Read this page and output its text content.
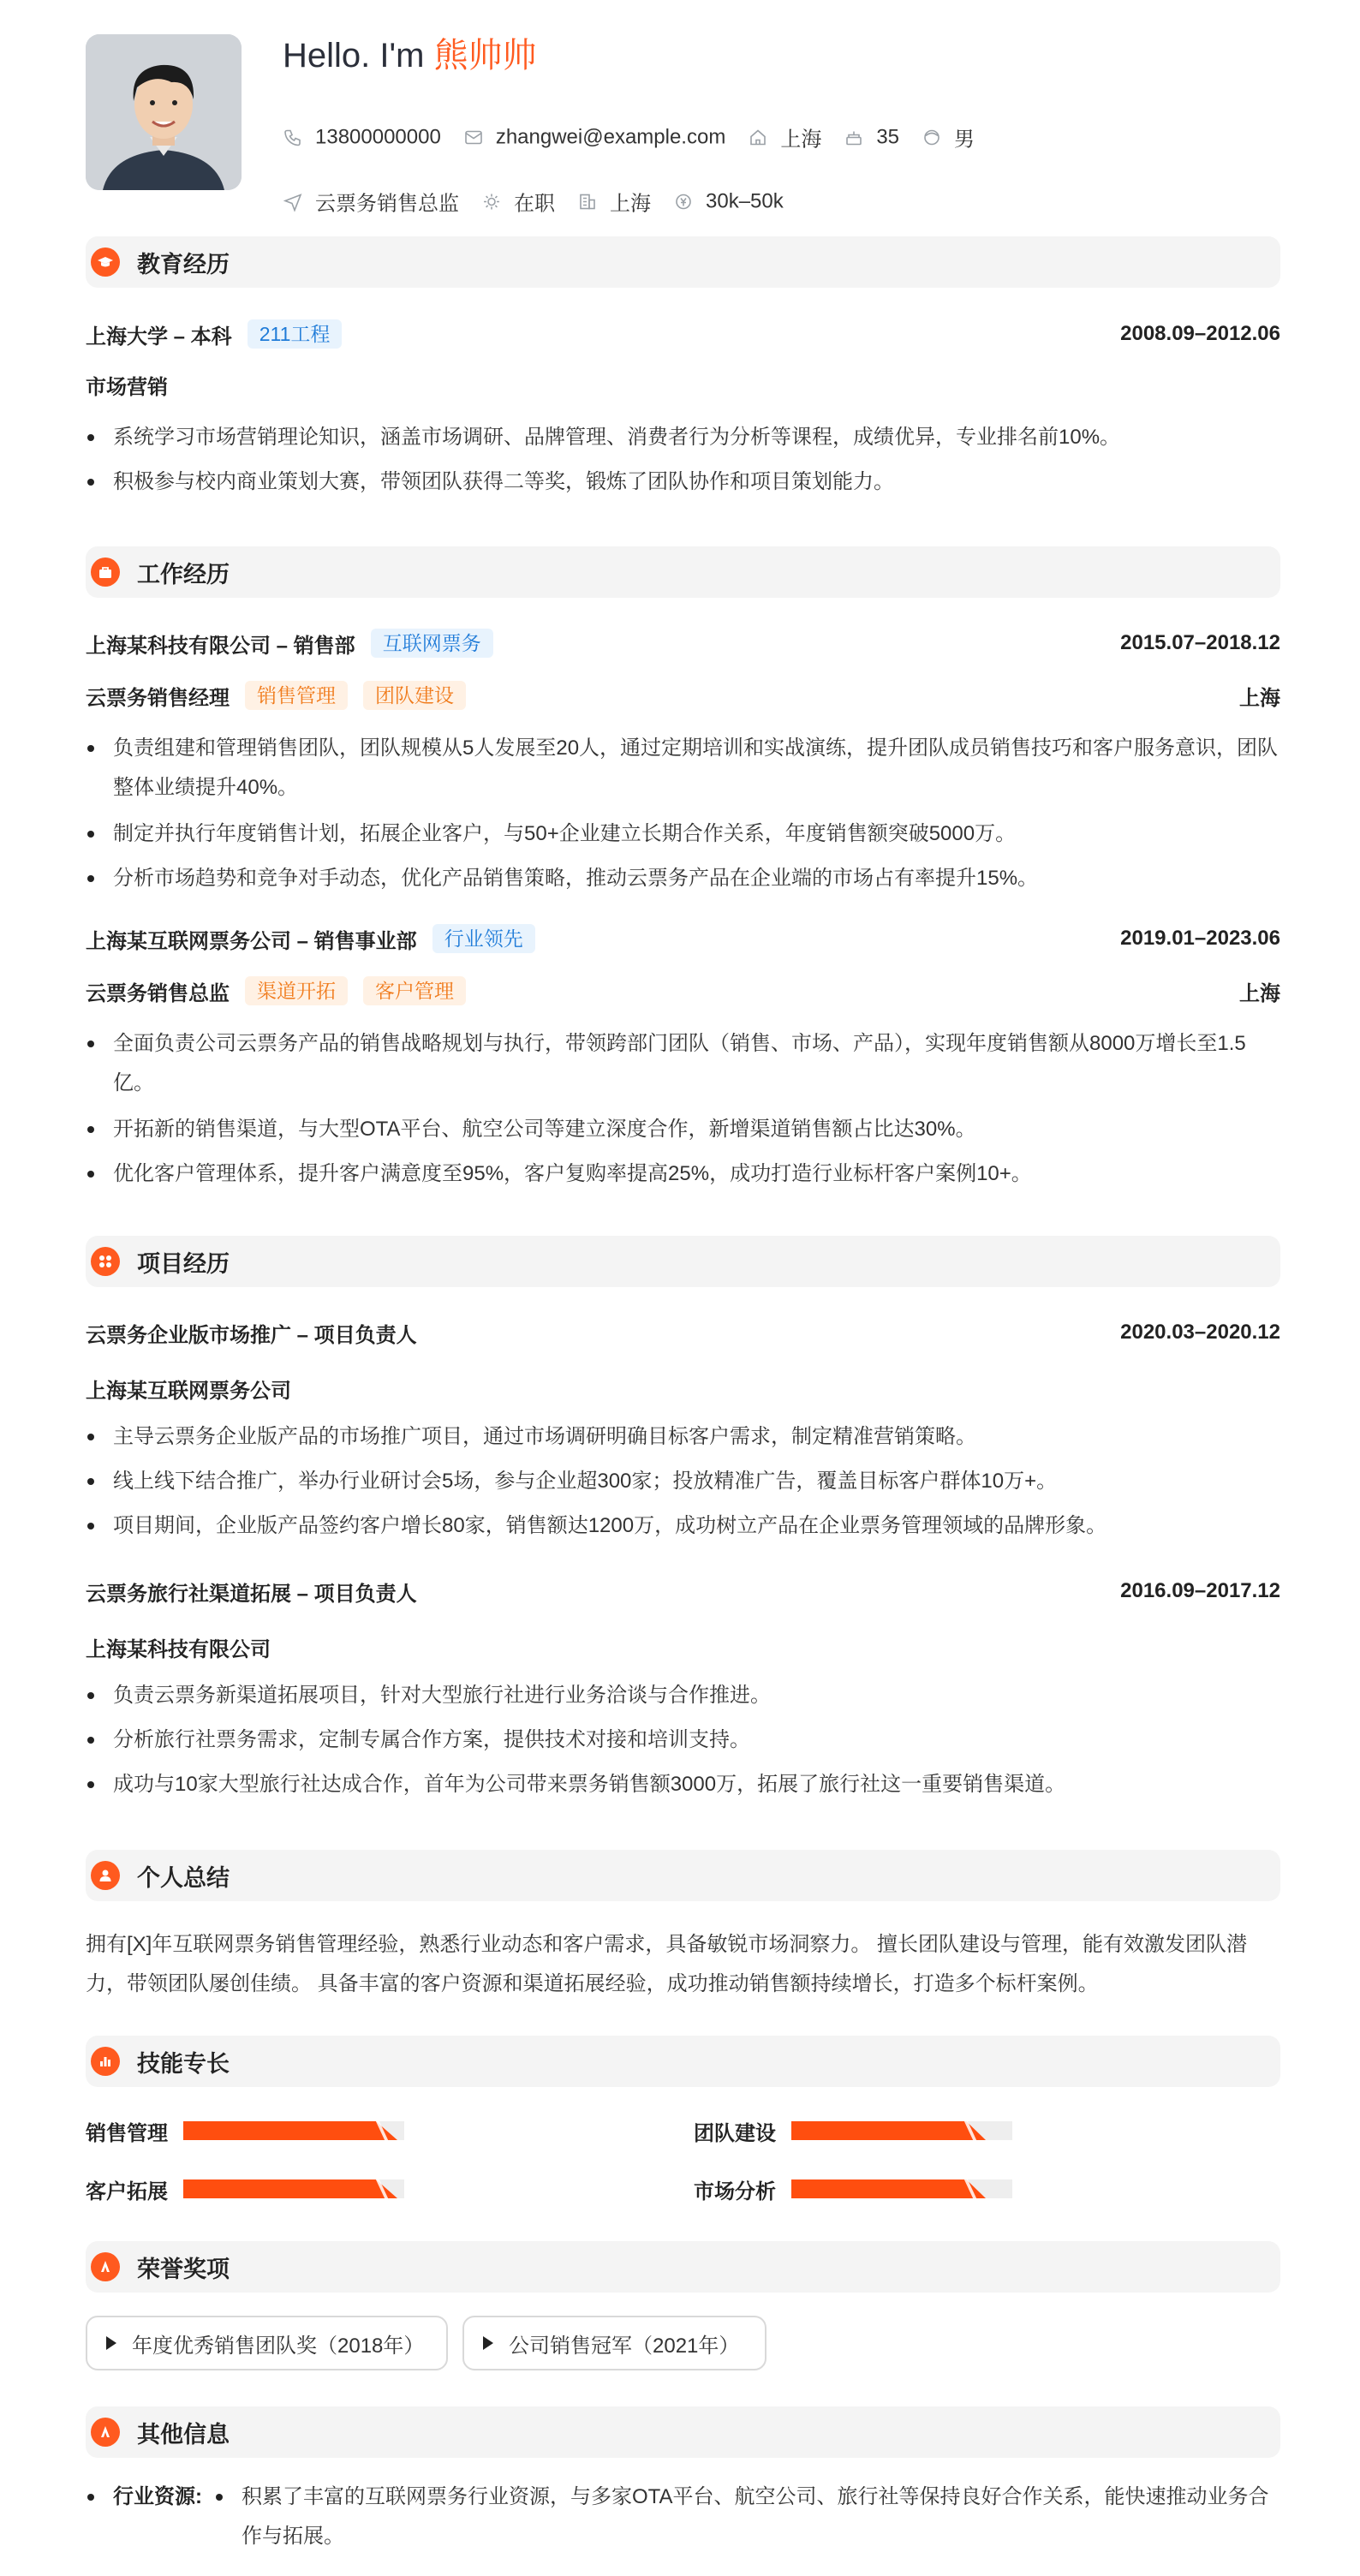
Hello. I'm 熊帅帅
13800000000	zhangwei@example.com	上海	35	男
云票务销售总监	在职	上海	30k–50k
教育经历
上海大学 – 本科	211工程	2008.09–2012.06
市场营销
系统学习市场营销理论知识，涵盖市场调研、品牌管理、消费者行为分析等课程，成绩优异，专业排名前10%。
积极参与校内商业策划大赛，带领团队获得二等奖，锻炼了团队协作和项目策划能力。
工作经历
上海某科技有限公司 – 销售部	互联网票务	2015.07–2018.12
云票务销售经理	销售管理	团队建设	上海
负责组建和管理销售团队，团队规模从5人发展至20人，通过定期培训和实战演练，提升团队成员销售技巧和客户服务意识，团队整体业绩提升40%。
制定并执行年度销售计划，拓展企业客户，与50+企业建立长期合作关系，年度销售额突破5000万。
分析市场趋势和竞争对手动态，优化产品销售策略，推动云票务产品在企业端的市场占有率提升15%。
上海某互联网票务公司 – 销售事业部	行业领先	2019.01–2023.06
云票务销售总监	渠道开拓	客户管理	上海
全面负责公司云票务产品的销售战略规划与执行，带领跨部门团队（销售、市场、产品），实现年度销售额从8000万增长至1.5亿。
开拓新的销售渠道，与大型OTA平台、航空公司等建立深度合作，新增渠道销售额占比达30%。
优化客户管理体系，提升客户满意度至95%，客户复购率提高25%，成功打造行业标杆客户案例10+。
项目经历
云票务企业版市场推广 – 项目负责人	2020.03–2020.12
上海某互联网票务公司
主导云票务企业版产品的市场推广项目，通过市场调研明确目标客户需求，制定精准营销策略。
线上线下结合推广，举办行业研讨会5场，参与企业超300家；投放精准广告，覆盖目标客户群体10万+。
项目期间，企业版产品签约客户增长80家，销售额达1200万，成功树立产品在企业票务管理领域的品牌形象。
云票务旅行社渠道拓展 – 项目负责人	2016.09–2017.12
上海某科技有限公司
负责云票务新渠道拓展项目，针对大型旅行社进行业务洽谈与合作推进。
分析旅行社票务需求，定制专属合作方案，提供技术对接和培训支持。
成功与10家大型旅行社达成合作，首年为公司带来票务销售额3000万，拓展了旅行社这一重要销售渠道。
个人总结
拥有[X]年互联网票务销售管理经验，熟悉行业动态和客户需求，具备敏锐市场洞察力。 擅长团队建设与管理，能有效激发团队潜力，带领团队屡创佳绩。 具备丰富的客户资源和渠道拓展经验，成功推动销售额持续增长，打造多个标杆案例。
技能专长
销售管理	团队建设
客户拓展	市场分析
荣誉奖项
年度优秀销售团队奖（2018年）	公司销售冠军（2021年）
其他信息
行业资源: 积累了丰富的互联网票务行业资源，与多家OTA平台、航空公司、旅行社等保持良好合作关系，能快速推动业务合作与拓展。
